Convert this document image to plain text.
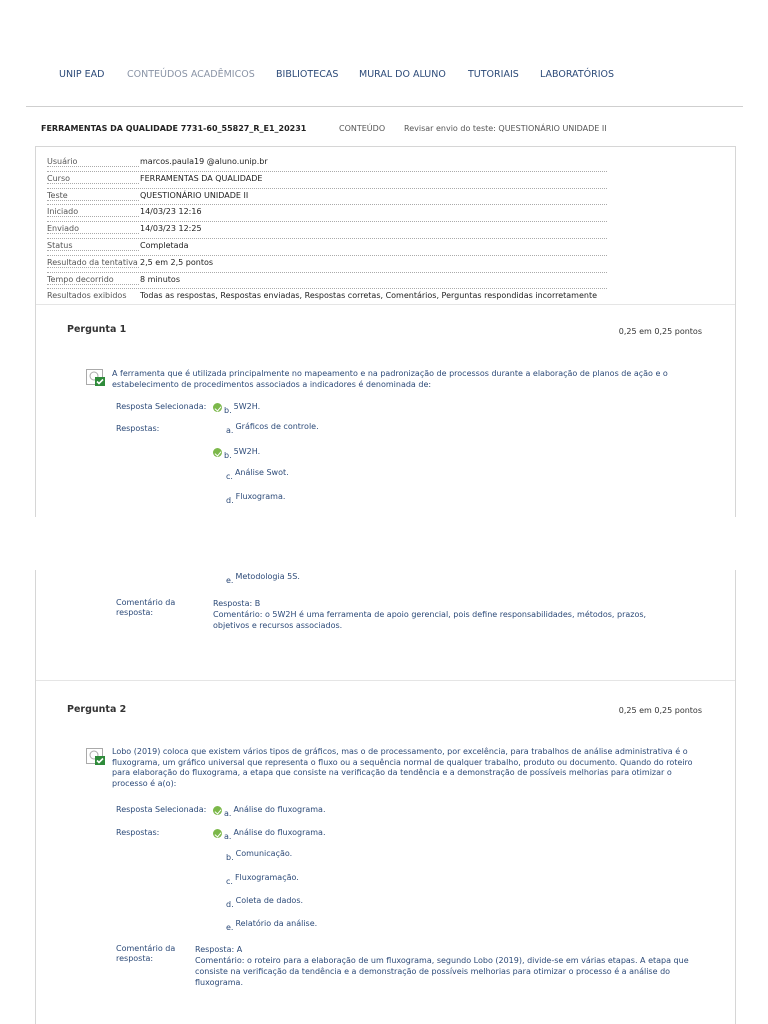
UNIP EAD CONTEÚDOS ACADÊMICOS BIBLIOTECAS MURAL DO ALUNO TUTORIAIS LABORATÓRIOS
FERRAMENTAS DA QUALIDADE 7731-60_55827_R_E1_20231	CONTEÚDO Revisar envio do teste: QUESTIONÁRIO UNIDADE II
Usuário	marcos.paula19 @aluno.unip.br
Curso	FERRAMENTAS DA QUALIDADE
Teste	QUESTIONÁRIO UNIDADE II
Iniciado	14/03/23 12:16
Enviado	14/03/23 12:25
Status	Completada
Resultado da tentativa 2,5 em 2,5 pontos
Tempo decorrido	8 minutos
Resultados exibidos	Todas as respostas, Respostas enviadas, Respostas corretas, Comentários, Perguntas respondidas incorretamente
Pergunta 1	0,25 em 0,25 pontos
A ferramenta que é utilizada principalmente no mapeamento e na padronização de processos durante a elaboração de planos de ação e o estabelecimento de procedimentos associados a indicadores é denominada de:
Resposta Selecionada:	b. 5W2H.
Respostas:	a. Gráficos de controle.
b. 5W2H.
c. Análise Swot.
d. Fluxograma.
e. Metodologia 5S.
Comentário da
resposta:
Resposta: B
Comentário: o 5W2H é uma ferramenta de apoio gerencial, pois define responsabilidades, métodos, prazos, objetivos e recursos associados.
Pergunta 2	0,25 em 0,25 pontos
Lobo (2019) coloca que existem vários tipos de gráficos, mas o de processamento, por excelência, para trabalhos de análise administrativa é o fluxograma, um gráfico universal que representa o fluxo ou a sequência normal de qualquer trabalho, produto ou documento. Quando do roteiro para elaboração do fluxograma, a etapa que consiste na verificação da tendência e a demonstração de possíveis melhorias para otimizar o processo é a(o):
Resposta Selecionada:	a. Análise do fluxograma.
Respostas:	a. Análise do fluxograma.
b. Comunicação.
c. Fluxogramação.
d. Coleta de dados.
e. Relatório da análise.
Comentário da
resposta:
Resposta: A
Comentário: o roteiro para a elaboração de um fluxograma, segundo Lobo (2019), divide-se em várias etapas. A etapa que consiste na verificação da tendência e a demonstração de possíveis melhorias para otimizar o processo é a análise do fluxograma.
